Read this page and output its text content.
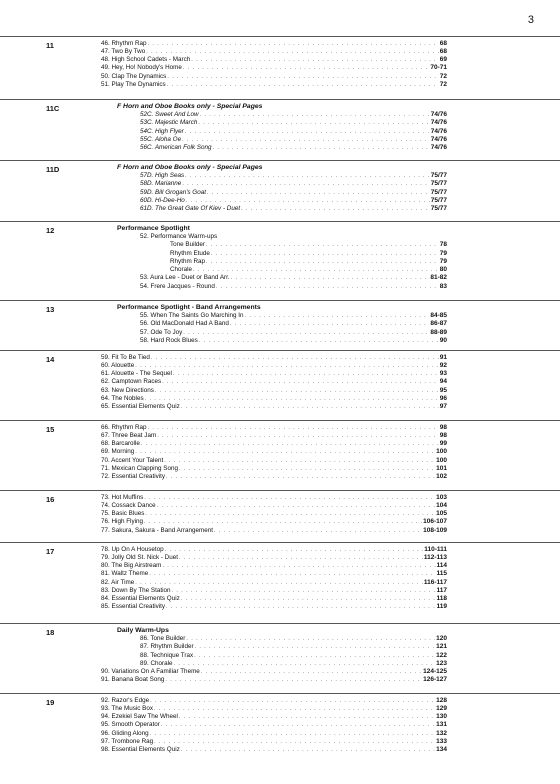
3
11	46. Rhythm Rap . . .	68
47. Two By Two . . .	68
48. High School Cadets - March . . .	69
49. Hey, Ho! Nobody's Home . . .	70-71
50. Clap The Dynamics . . .	72
51. Play The Dynamics . . .	72
11C	F Horn and Oboe Books only - Special Pages
52C. Sweet And Low . . .	74/76
53C. Majestic March . . .	74/76
54C. High Flyer . . .	74/76
55C. Aloha Oe . . .	74/76
56C. American Folk Song . . .	74/76
11D	F Horn and Oboe Books only - Special Pages
57D. High Seas . . .	75/77
58D. Marianne . . .	75/77
59D. Bill Grogan's Goat . . .	75/77
60D. Hi-Dee-Ho . . .	75/77
61D. The Great Gate Of Kiev - Duet . . .	75/77
12	Performance Spotlight
52. Performance Warm-ups
Tone Builder . . .	78
Rhythm Etude . . .	79
Rhythm Rap . . .	79
Chorale . . .	80
53. Aura Lee - Duet or Band Arr. . . .	81-82
54. Frere Jacques - Round . . .	83
13	Performance Spotlight - Band Arrangements
55. When The Saints Go Marching In . . .	84-85
56. Old MacDonald Had A Band . . .	86-87
57. Ode To Joy . . .	88-89
58. Hard Rock Blues . . .	90
14	59. Fit To Be Tied . . .	91
60. Alouette . . .	92
61. Alouette - The Sequel . . .	93
62. Camptown Races . . .	94
63. New Directions . . .	95
64. The Nobles . . .	96
65. Essential Elements Quiz . . .	97
15	66. Rhythm Rap . . .	98
67. Three Beat Jam . . .	98
68. Barcarolle . . .	99
69. Morning . . .	100
70. Accent Your Talent . . .	100
71. Mexican Clapping Song . . .	101
72. Essential Creativity . . .	102
16	73. Hot Muffins . . .	103
74. Cossack Dance . . .	104
75. Basic Blues . . .	105
76. High Flying . . .	106-107
77. Sakura, Sakura - Band Arrangement . . .	108-109
17	78. Up On A Housetop . . .	110-111
79. Jolly Old St. Nick - Duet . . .	112-113
80. The Big Airstream . . .	114
81. Waltz Theme . . .	115
82. Air Time . . .	116-117
83. Down By The Station . . .	117
84. Essential Elements Quiz . . .	118
85. Essential Creativity . . .	119
18	Daily Warm-Ups
86. Tone Builder . . .	120
87. Rhythm Builder . . .	121
88. Technique Trax . . .	122
89. Chorale . . .	123
90. Variations On A Familiar Theme . . .	124-125
91. Banana Boat Song . . .	126-127
19	92. Razor's Edge . . .	128
93. The Music Box . . .	129
94. Ezekiel Saw The Wheel . . .	130
95. Smooth Operator . . .	131
96. Gliding Along . . .	132
97. Trombone Rag . . .	133
98. Essential Elements Quiz . . .	134
